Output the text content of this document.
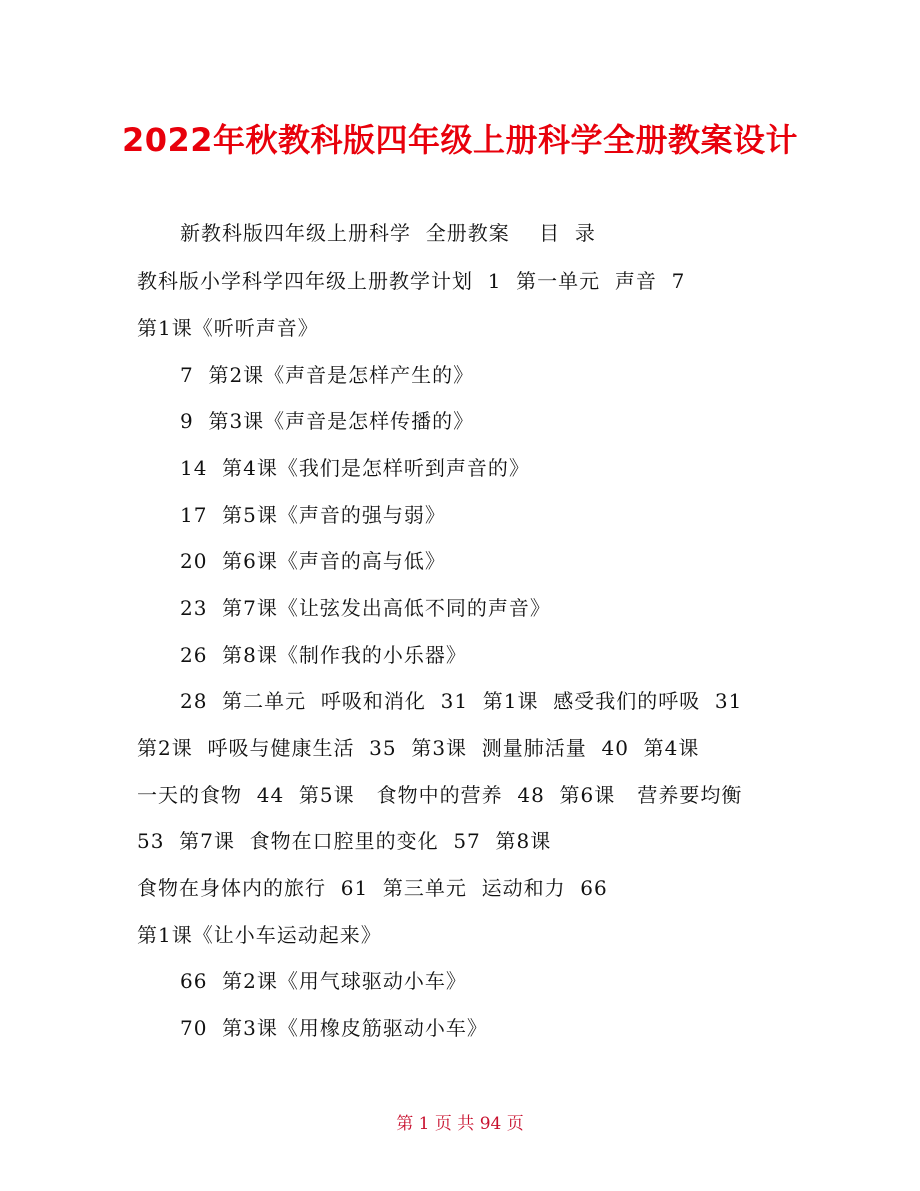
2022年秋教科版四年级上册科学全册教案设计
新教科版四年级上册科学  全册教案    目  录
教科版小学科学四年级上册教学计划  1  第一单元  声音  7
第1课《听听声音》
7  第2课《声音是怎样产生的》
9  第3课《声音是怎样传播的》
14  第4课《我们是怎样听到声音的》
17  第5课《声音的强与弱》
20  第6课《声音的高与低》
23  第7课《让弦发出高低不同的声音》
26  第8课《制作我的小乐器》
28  第二单元  呼吸和消化  31  第1课  感受我们的呼吸  31
第2课  呼吸与健康生活  35  第3课  测量肺活量  40  第4课
一天的食物  44  第5课   食物中的营养  48  第6课   营养要均衡
53  第7课  食物在口腔里的变化  57  第8课
食物在身体内的旅行  61  第三单元  运动和力  66
第1课《让小车运动起来》
66  第2课《用气球驱动小车》
70  第3课《用橡皮筋驱动小车》
第 1 页 共 94 页
